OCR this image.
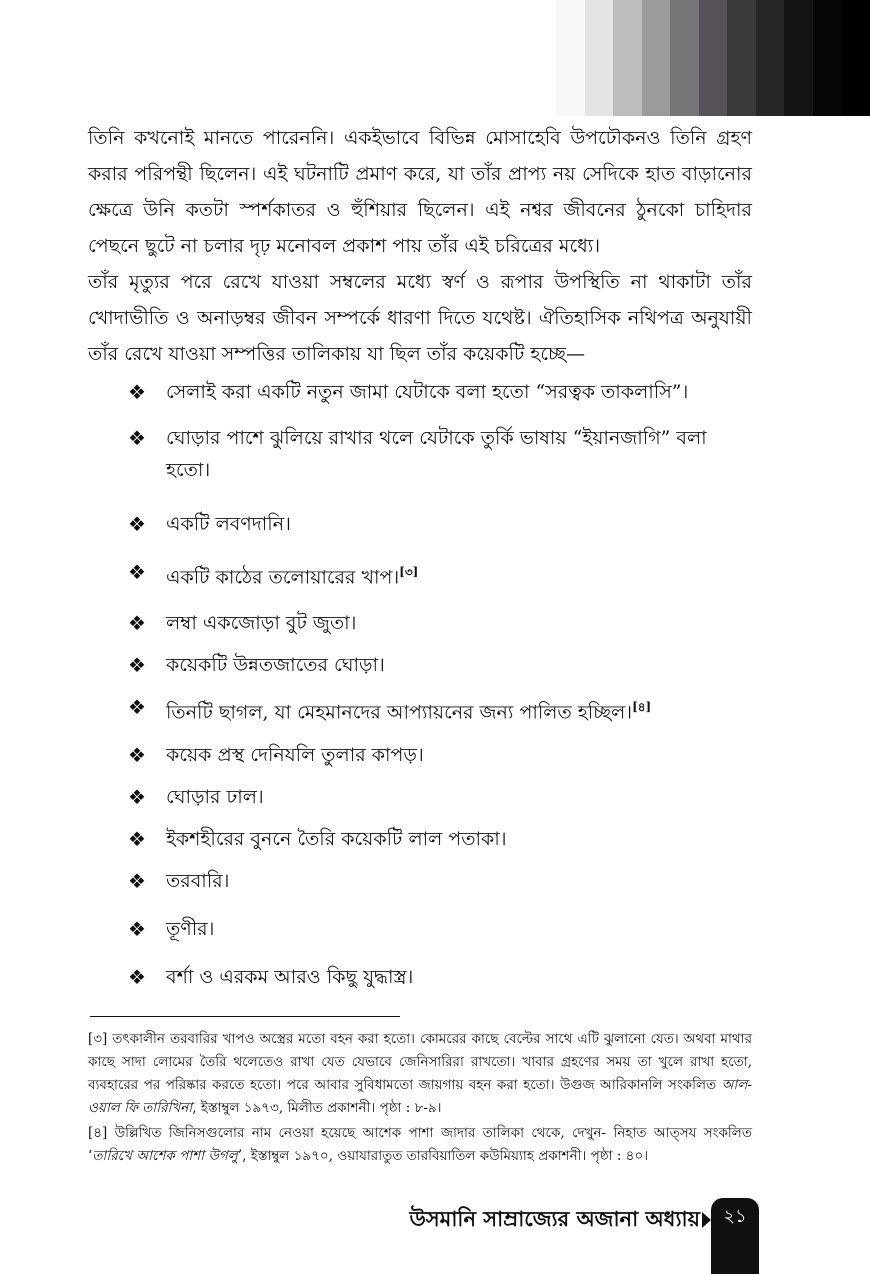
তিনি কখনোই মানতে পারেননি। একইভাবে বিভিন্ন মোসাহেবি উপঢৌকনও তিনি গ্রহণ করার পরিপন্থী ছিলেন। এই ঘটনাটি প্রমাণ করে, যা তাঁর প্রাপ্য নয় সেদিকে হাত বাড়ানোর ক্ষেত্রে উনি কতটা স্পর্শকাতর ও হুঁশিয়ার ছিলেন। এই নশ্বর জীবনের ঠুনকো চাহিদার পেছনে ছুটে না চলার দৃঢ় মনোবল প্রকাশ পায় তাঁর এই চরিত্রের মধ্যে।

তাঁর মৃত্যুর পরে রেখে যাওয়া সম্বলের মধ্যে স্বর্ণ ও রূপার উপস্থিতি না থাকাটা তাঁর খোদাভীতি ও অনাড়ম্বর জীবন সম্পর্কে ধারণা দিতে যথেষ্ট। ঐতিহাসিক নথিপত্র অনুযায়ী তাঁর রেখে যাওয়া সম্পত্তির তালিকায় যা ছিল তাঁর কয়েকটি হচ্ছে—

❖	সেলাই করা একটি নতুন জামা যেটাকে বলা হতো “সরত্বক তাকলাসি”।
❖	ঘোড়ার পাশে ঝুলিয়ে রাখার থলে যেটাকে তুর্কি ভাষায় “ইয়ানজাগি” বলা হতো।
❖	একটি লবণদানি।
❖	একটি কাঠের তলোয়ারের খাপ।[৩]
❖	লম্বা একজোড়া বুট জুতা।
❖	কয়েকটি উন্নতজাতের ঘোড়া।
❖	তিনটি ছাগল, যা মেহমানদের আপ্যায়নের জন্য পালিত হচ্ছিল।[৪]
❖	কয়েক প্রস্থ দেনিযলি তুলার কাপড়।
❖	ঘোড়ার ঢাল।
❖	ইকশহীরের বুননে তৈরি কয়েকটি লাল পতাকা।
❖	তরবারি।
❖	তূণীর।
❖	বর্শা ও এরকম আরও কিছু যুদ্ধাস্ত্র।

[৩] তৎকালীন তরবারির খাপও অস্ত্রের মতো বহন করা হতো। কোমরের কাছে বেল্টের সাথে এটি ঝুলানো যেত। অথবা মাথার কাছে সাদা লোমের তৈরি থলেতেও রাখা যেত যেভাবে জেনিসারিরা রাখতো। খাবার গ্রহণের সময় তা খুলে রাখা হতো, ব্যবহারের পর পরিষ্কার করতে হতো। পরে আবার সুবিধামতো জায়গায় বহন করা হতো। উগুজ আরিকানলি সংকলিত আল-ওয়াল ফি তারিখিনা, ইস্তাম্বুল ১৯৭৩, মিলীত প্রকাশনী। পৃষ্ঠা : ৮-৯।

[৪] উল্লিখিত জিনিসগুলোর নাম নেওয়া হয়েছে আশেক পাশা জাদার তালিকা থেকে, দেখুন- নিহাত আত্সয সংকলিত ‘তারিখে আশেক পাশা উগলু’, ইস্তাম্বুল ১৯৭০, ওয়াযারাতুত তারবিয়াতিল কউমিয়্যাহ প্রকাশনী। পৃষ্ঠা : ৪০।

উসমানি সাম্রাজ্যের অজানা অধ্যায়	২১
